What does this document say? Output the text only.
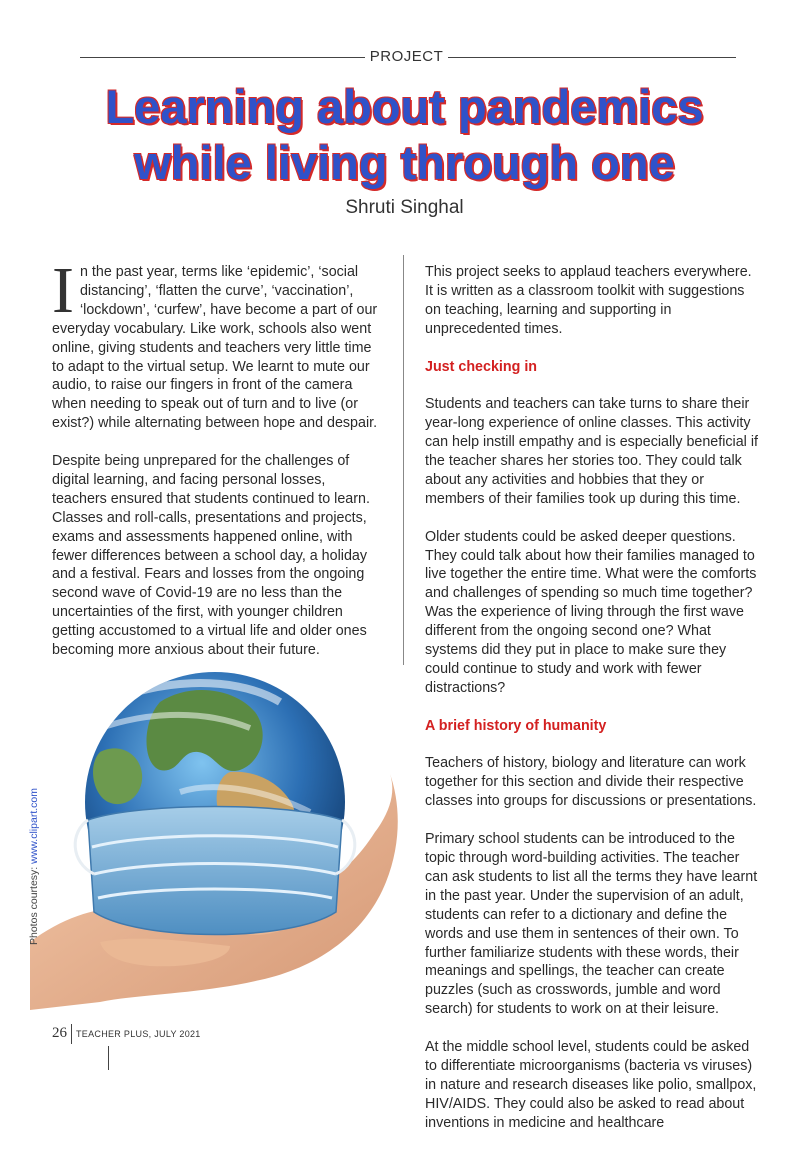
PROJECT
Learning about pandemics
while living through one
Shruti Singhal

In the past year, terms like ‘epidemic’, ‘social distancing’, ‘flatten the curve’, ‘vaccination’, ‘lockdown’, ‘curfew’, have become a part of our everyday vocabulary. Like work, schools also went online, giving students and teachers very little time to adapt to the virtual setup. We learnt to mute our audio, to raise our fingers in front of the camera when needing to speak out of turn and to live (or exist?) while alternating between hope and despair.

Despite being unprepared for the challenges of digital learning, and facing personal losses, teachers ensured that students continued to learn. Classes and roll-calls, presentations and projects, exams and assessments happened online, with fewer differences between a school day, a holiday and a festival. Fears and losses from the ongoing second wave of Covid-19 are no less than the uncertainties of the first, with younger children getting accustomed to a virtual life and older ones becoming more anxious about their future.

This project seeks to applaud teachers everywhere. It is written as a classroom toolkit with suggestions on teaching, learning and supporting in unprecedented times.

Just checking in

Students and teachers can take turns to share their year-long experience of online classes. This activity can help instill empathy and is especially beneficial if the teacher shares her stories too. They could talk about any activities and hobbies that they or members of their families took up during this time.

Older students could be asked deeper questions. They could talk about how their families managed to live together the entire time. What were the comforts and challenges of spending so much time together? Was the experience of living through the first wave different from the ongoing second one? What systems did they put in place to make sure they could continue to study and work with fewer distractions?

A brief history of humanity

Teachers of history, biology and literature can work together for this section and divide their respective classes into groups for discussions or presentations.

Primary school students can be introduced to the topic through word-building activities. The teacher can ask students to list all the terms they have learnt in the past year. Under the supervision of an adult, students can refer to a dictionary and define the words and use them in sentences of their own. To further familiarize students with these words, their meanings and spellings, the teacher can create puzzles (such as crosswords, jumble and word search) for students to work on at their leisure.

At the middle school level, students could be asked to differentiate microorganisms (bacteria vs viruses) in nature and research diseases like polio, smallpox, HIV/AIDS. They could also be asked to read about inventions in medicine and healthcare

Photos courtesy: www.clipart.com
26 TEACHER PLUS, JULY 2021
